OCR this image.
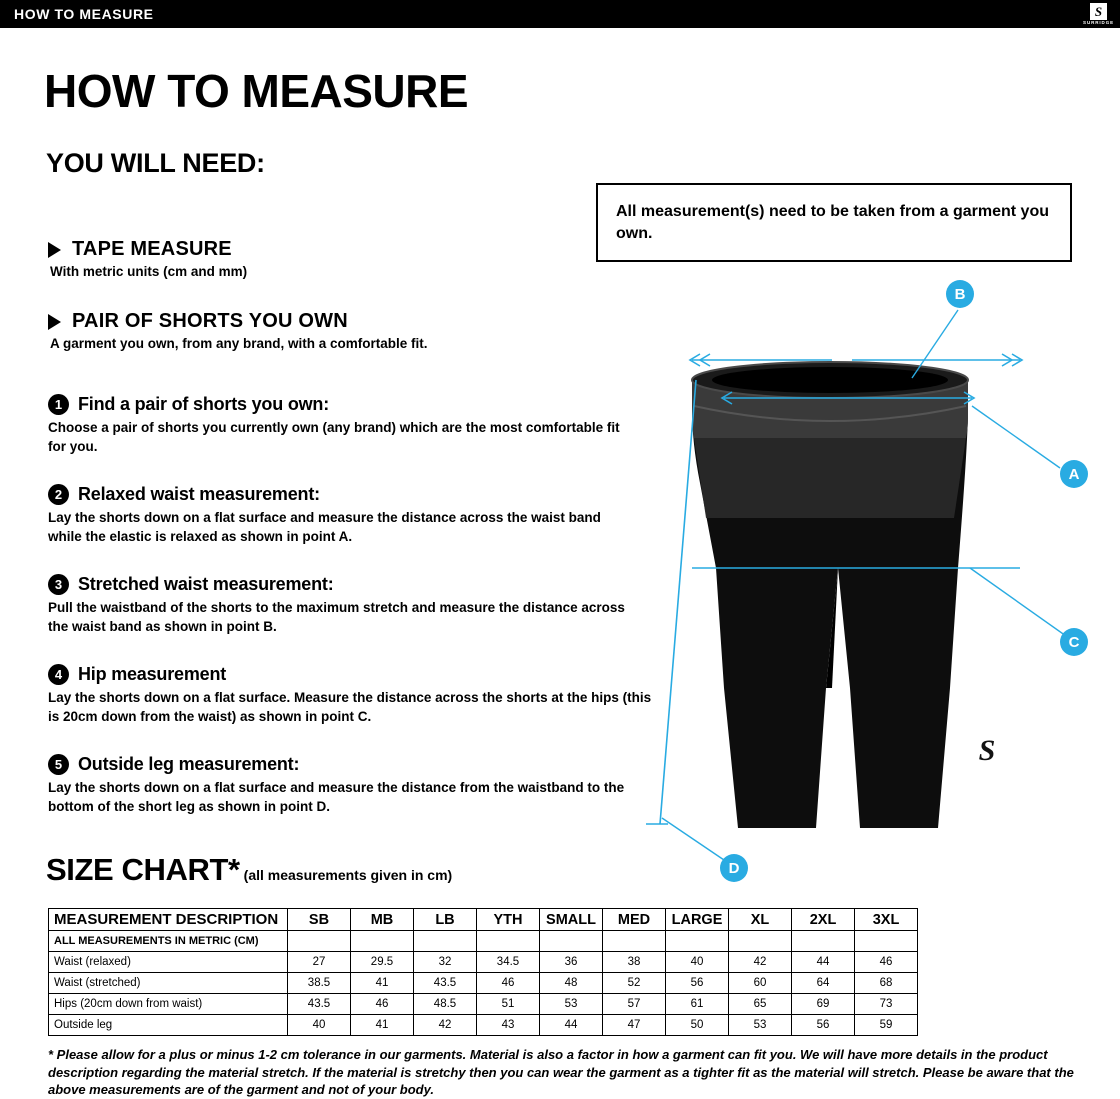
HOW TO MEASURE	S
SURRIDGE
HOW TO MEASURE
YOU WILL NEED:
TAPE MEASURE
With metric units (cm and mm)
PAIR OF SHORTS YOU OWN
A garment you own, from any brand, with a comfortable fit.
All measurement(s) need to be taken from a garment you own.
1 Find a pair of shorts you own:
Choose a pair of shorts you currently own (any brand) which are the most comfortable fit for you.
2 Relaxed waist measurement:
Lay the shorts down on a flat surface and measure the distance across the waist band while the elastic is relaxed as shown in point A.
3 Stretched waist measurement:
Pull the waistband of the shorts to the maximum stretch and measure the distance across the waist band as shown in point B.
4 Hip measurement
Lay the shorts down on a flat surface. Measure the distance across the shorts at the hips (this is 20cm down from the waist) as shown in point C.
5 Outside leg measurement:
Lay the shorts down on a flat surface and measure the distance from the waistband to the bottom of the short leg as shown in point D.
S
SURRIDGE
B
A
C
D
SIZE CHART* (all measurements given in cm)
MEASUREMENT DESCRIPTION	SB	MB	LB	YTH	SMALL	MED	LARGE	XL	2XL	3XL
ALL MEASUREMENTS IN METRIC (CM)										
Waist (relaxed)	27	29.5	32	34.5	36	38	40	42	44	46
Waist (stretched)	38.5	41	43.5	46	48	52	56	60	64	68
Hips (20cm down from waist)	43.5	46	48.5	51	53	57	61	65	69	73
Outside leg	40	41	42	43	44	47	50	53	56	59
* Please allow for a plus or minus 1-2 cm tolerance in our garments. Material is also a factor in how a garment can fit you. We will have more details in the product description regarding the material stretch. If the material is stretchy then you can wear the garment as a tighter fit as the material will stretch. Please be aware that the above measurements are of the garment and not of your body.
